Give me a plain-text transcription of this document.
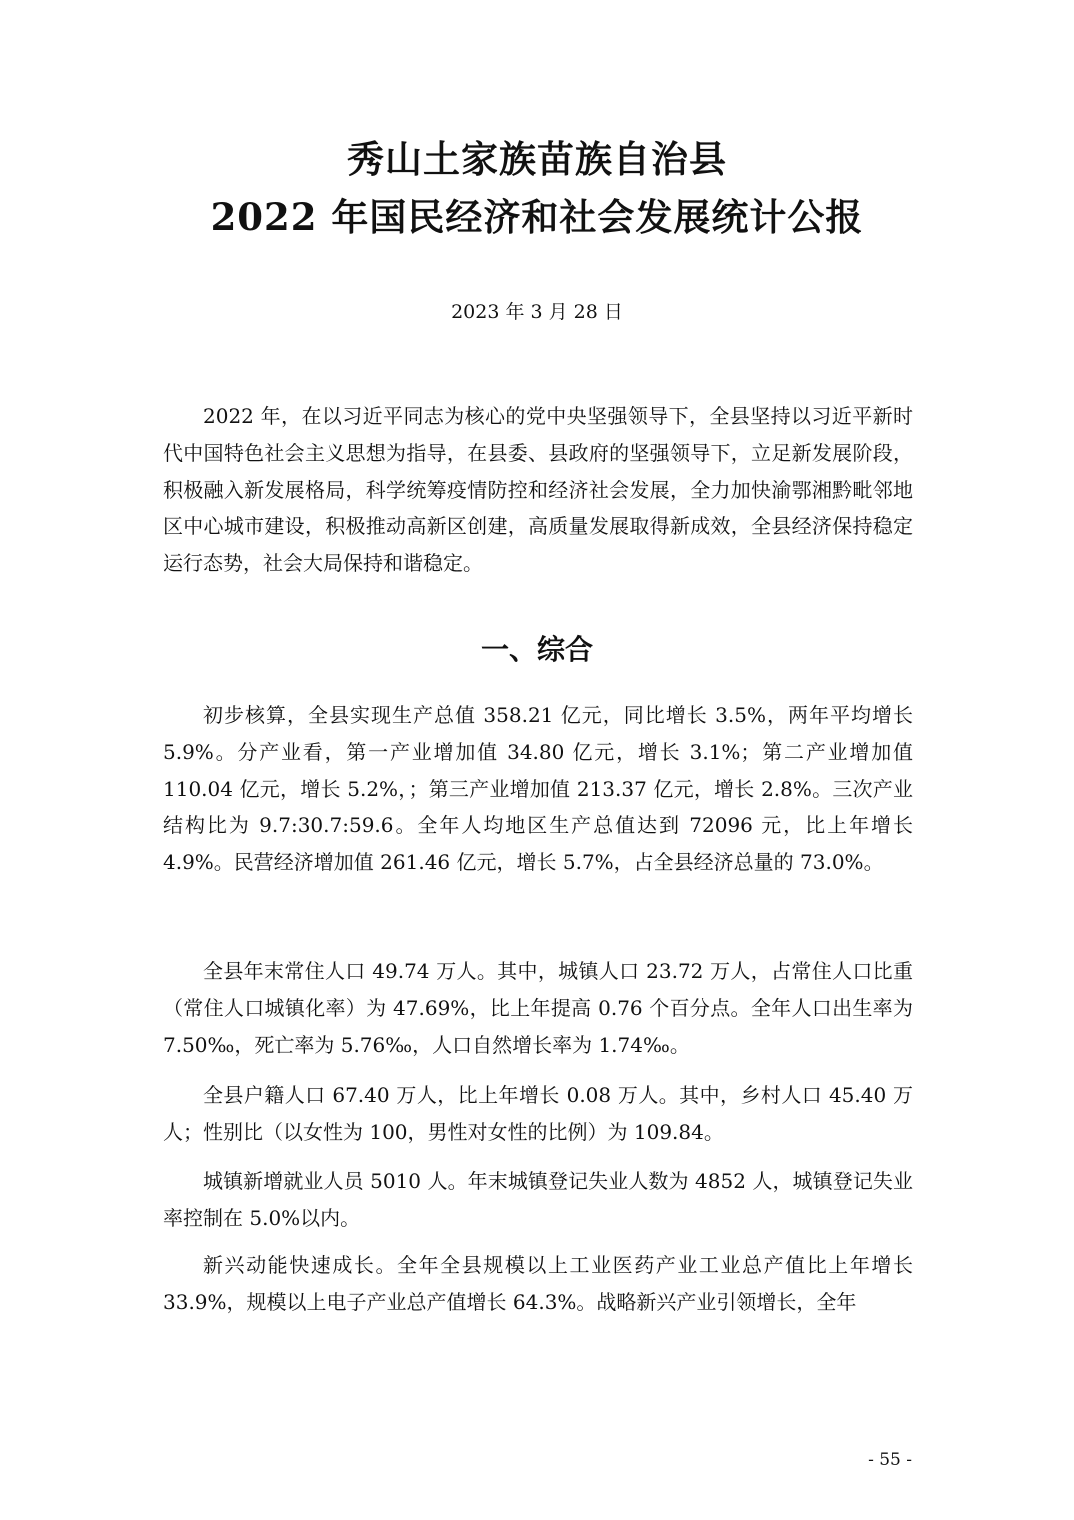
秀山土家族苗族自治县
2022 年国民经济和社会发展统计公报
2023 年 3 月 28 日

2022 年，在以习近平同志为核心的党中央坚强领导下，全县坚持以习近平新时代中国特色社会主义思想为指导，在县委、县政府的坚强领导下，立足新发展阶段，积极融入新发展格局，科学统筹疫情防控和经济社会发展，全力加快渝鄂湘黔毗邻地区中心城市建设，积极推动高新区创建，高质量发展取得新成效，全县经济保持稳定运行态势，社会大局保持和谐稳定。

一、综合

初步核算，全县实现生产总值 358.21 亿元，同比增长 3.5%，两年平均增长 5.9%。分产业看，第一产业增加值 34.80 亿元，增长 3.1%；第二产业增加值 110.04 亿元，增长 5.2%，；第三产业增加值 213.37 亿元，增长 2.8%。三次产业结构比为 9.7:30.7:59.6。全年人均地区生产总值达到 72096 元，比上年增长 4.9%。民营经济增加值 261.46 亿元，增长 5.7%，占全县经济总量的 73.0%。

全县年末常住人口 49.74 万人。其中，城镇人口 23.72 万人，占常住人口比重（常住人口城镇化率）为 47.69%，比上年提高 0.76 个百分点。全年人口出生率为 7.50‰，死亡率为 5.76‰，人口自然增长率为 1.74‰。

全县户籍人口 67.40 万人，比上年增长 0.08 万人。其中，乡村人口 45.40 万人；性别比（以女性为 100，男性对女性的比例）为 109.84。

城镇新增就业人员 5010 人。年末城镇登记失业人数为 4852 人，城镇登记失业率控制在 5.0%以内。

新兴动能快速成长。全年全县规模以上工业医药产业工业总产值比上年增长 33.9%，规模以上电子产业总产值增长 64.3%。战略新兴产业引领增长，全年

- 55 -
